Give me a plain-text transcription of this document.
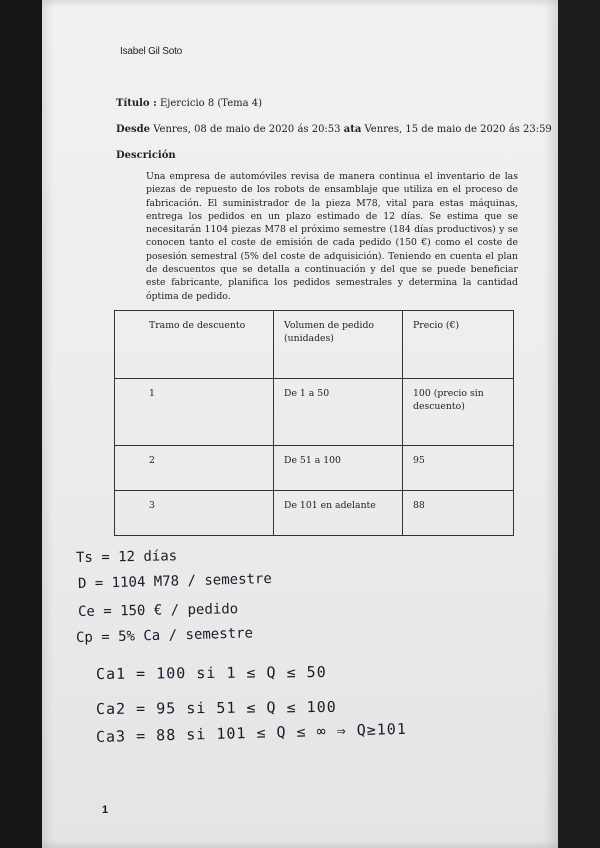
Isabel Gil Soto
Título : Ejercicio 8 (Tema 4)
Desde Venres, 08 de maio de 2020 ás 20:53 ata Venres, 15 de maio de 2020 ás 23:59
Descrición
Una empresa de automóviles revisa de manera continua el inventario de las piezas de repuesto de los robots de ensamblaje que utiliza en el proceso de fabricación. El suministrador de la pieza M78, vital para estas máquinas, entrega los pedidos en un plazo estimado de 12 días. Se estima que se necesitarán 1104 piezas M78 el próximo semestre (184 días productivos) y se conocen tanto el coste de emisión de cada pedido (150 €) como el coste de posesión semestral (5% del coste de adquisición). Teniendo en cuenta el plan de descuentos que se detalla a continuación y del que se puede beneficiar este fabricante, planifica los pedidos semestrales y determina la cantidad óptima de pedido.
Tramo de descuento	Volumen de pedido (unidades)	Precio (€)
1	De 1 a 50	100 (precio sin descuento)
2	De 51 a 100	95
3	De 101 en adelante	88
Ts = 12 días
D = 1104 M78 / semestre
Ce = 150 € / pedido
Cp = 5% Ca / semestre
Ca1 = 100 si 1 ≤ Q ≤ 50
Ca2 = 95 si 51 ≤ Q ≤ 100
Ca3 = 88 si 101 ≤ Q ≤ ∞ ⇒ Q≥101
1
